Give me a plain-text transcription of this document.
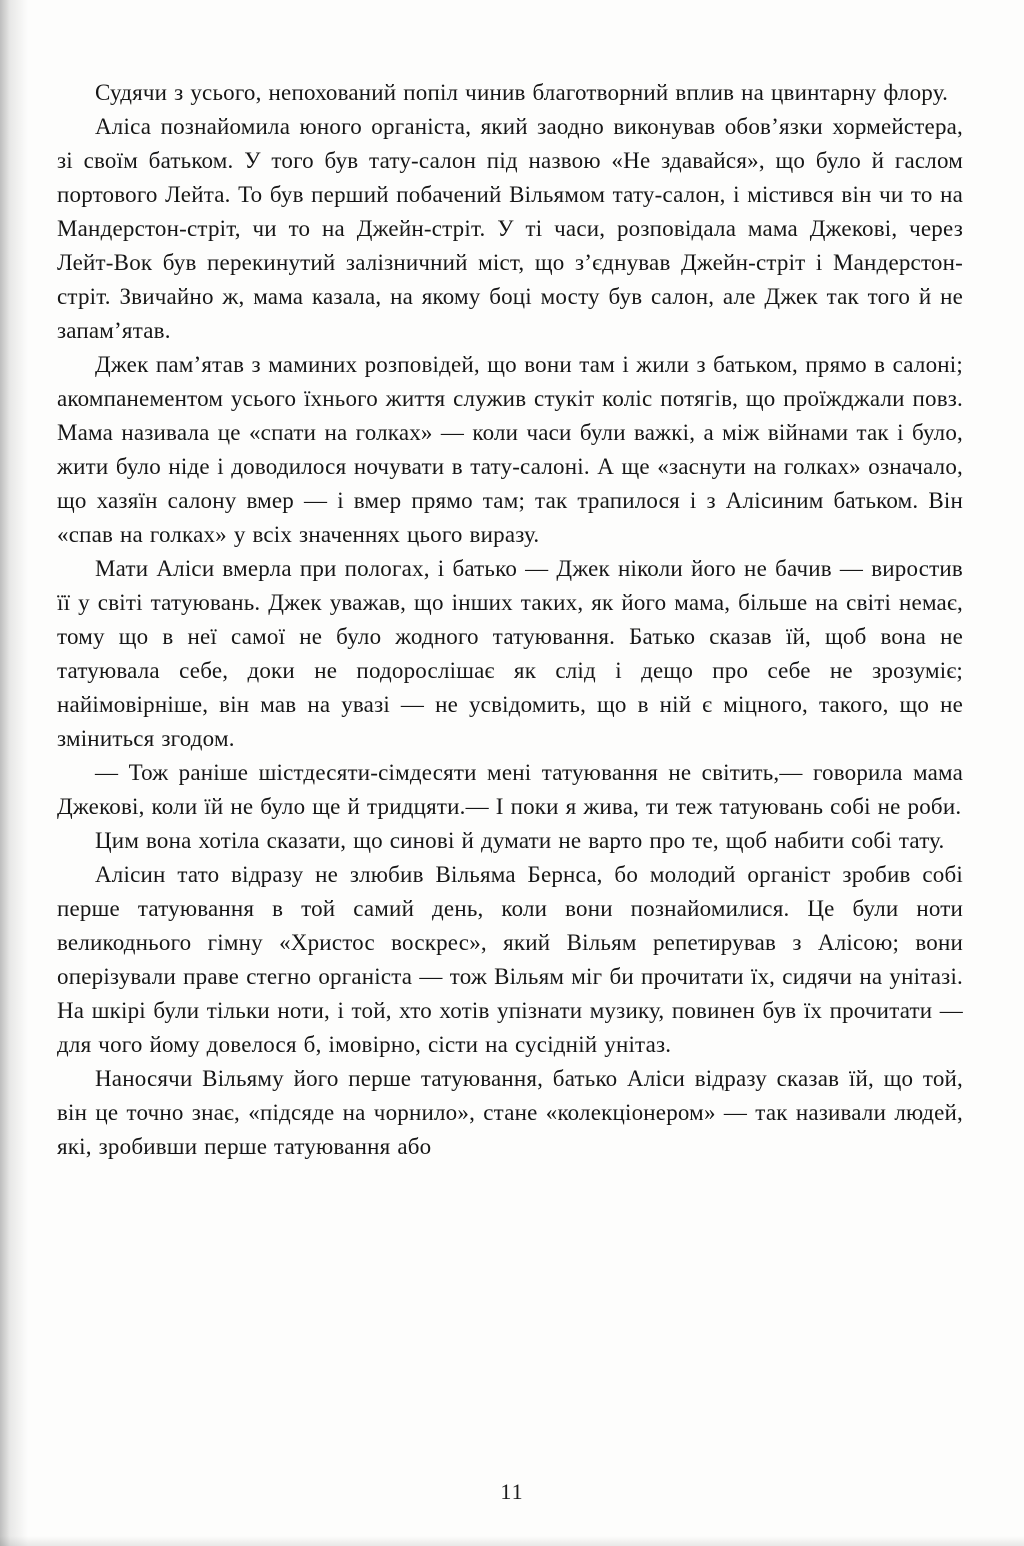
Судячи з усього, непохований попіл чинив благотворний вплив на цвинтарну флору.

Аліса познайомила юного органіста, який заодно виконував обов’язки хормейстера, зі своїм батьком. У того був тату-салон під назвою «Не здавайся», що було й гаслом портового Лейта. То був перший побачений Вільямом тату-салон, і містився він чи то на Мандерстон-стріт, чи то на Джейн-стріт. У ті часи, розповідала мама Джекові, через Лейт-Вок був перекинутий залізничний міст, що з’єднував Джейн-стріт і Мандерстон-стріт. Звичайно ж, мама казала, на якому боці мосту був салон, але Джек так того й не запам’ятав.

Джек пам’ятав з маминих розповідей, що вони там і жили з батьком, прямо в салоні; акомпанементом усього їхнього життя служив стукіт коліс потягів, що проїжджали повз. Мама називала це «спати на голках» — коли часи були важкі, а між війнами так і було, жити було ніде і доводилося ночувати в тату-салоні. А ще «заснути на голках» означало, що хазяїн салону вмер — і вмер прямо там; так трапилося і з Алісиним батьком. Він «спав на голках» у всіх значеннях цього виразу.

Мати Аліси вмерла при пологах, і батько — Джек ніколи його не бачив — виростив її у світі татуювань. Джек уважав, що інших таких, як його мама, більше на світі немає, тому що в неї самої не було жодного татуювання. Батько сказав їй, щоб вона не татуювала себе, доки не подорослішає як слід і дещо про себе не зрозуміє; найімовірніше, він мав на увазі — не усвідомить, що в ній є міцного, такого, що не зміниться згодом.

— Тож раніше шістдесяти-сімдесяти мені татуювання не світить,— говорила мама Джекові, коли їй не було ще й тридцяти.— І поки я жива, ти теж татуювань собі не роби.

Цим вона хотіла сказати, що синові й думати не варто про те, щоб набити собі тату.

Алісин тато відразу не злюбив Вільяма Бернса, бо молодий органіст зробив собі перше татуювання в той самий день, коли вони познайомилися. Це були ноти великоднього гімну «Христос воскрес», який Вільям репетирував з Алісою; вони оперізували праве стегно органіста — тож Вільям міг би прочитати їх, сидячи на унітазі. На шкірі були тільки ноти, і той, хто хотів упізнати музику, повинен був їх прочитати — для чого йому довелося б, імовірно, сісти на сусідній унітаз.

Наносячи Вільяму його перше татуювання, батько Аліси відразу сказав їй, що той, він це точно знає, «підсяде на чорнило», стане «колекціонером» — так називали людей, які, зробивши перше татуювання або

11
